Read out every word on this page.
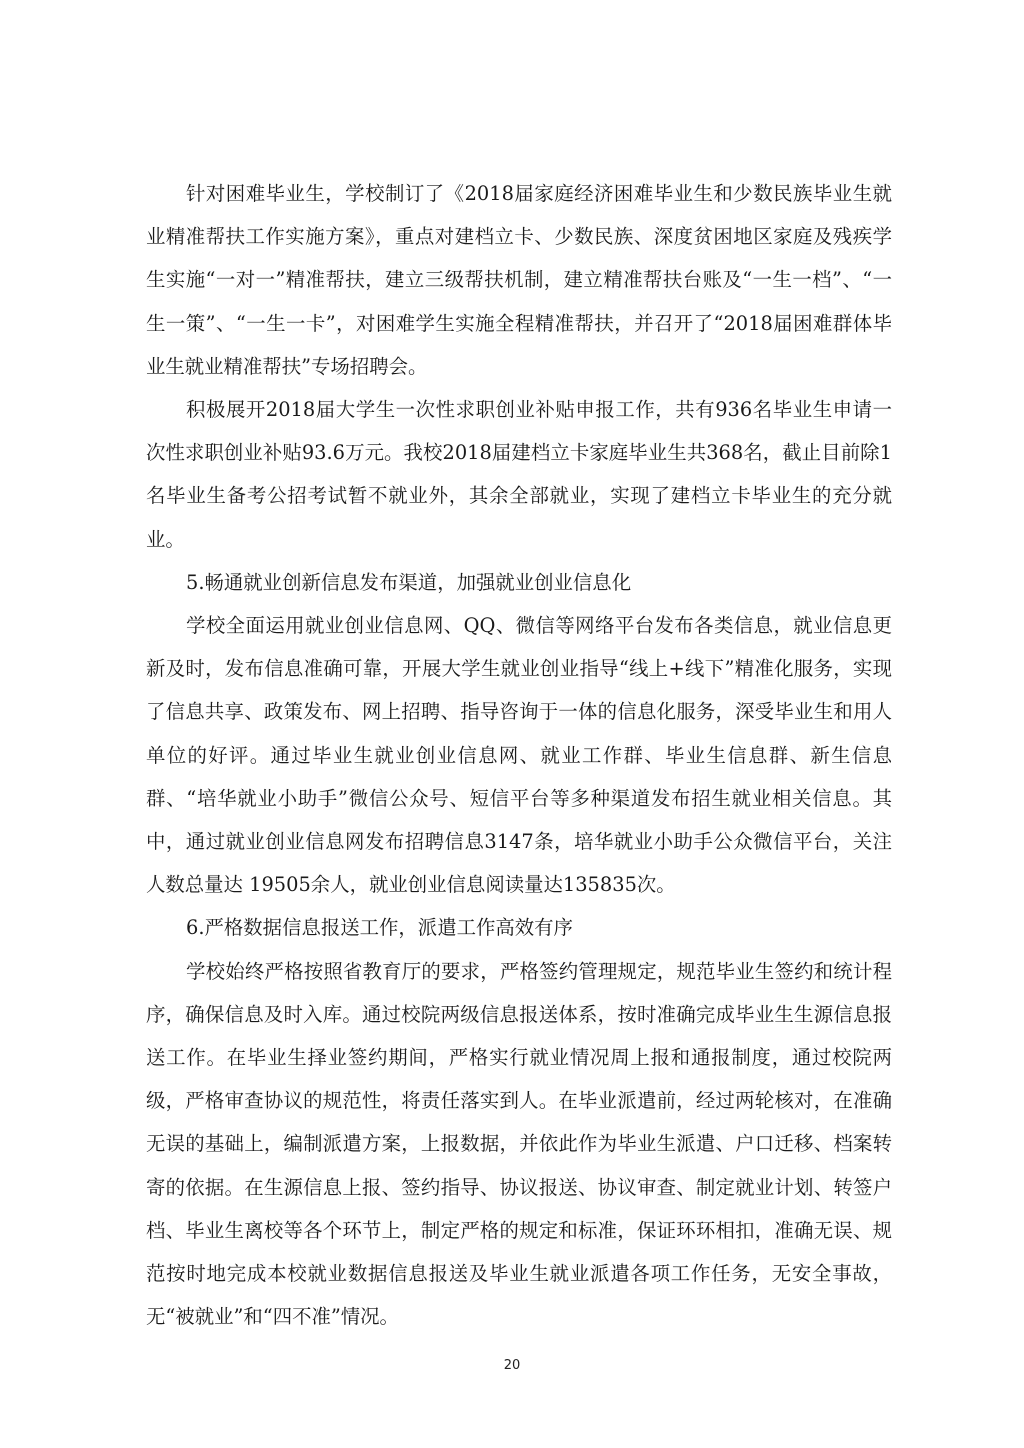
针对困难毕业生，学校制订了《2018届家庭经济困难毕业生和少数民族毕业生就业精准帮扶工作实施方案》，重点对建档立卡、少数民族、深度贫困地区家庭及残疾学生实施“一对一”精准帮扶，建立三级帮扶机制，建立精准帮扶台账及“一生一档”、“一生一策”、“一生一卡”，对困难学生实施全程精准帮扶，并召开了“2018届困难群体毕业生就业精准帮扶”专场招聘会。

积极展开2018届大学生一次性求职创业补贴申报工作，共有936名毕业生申请一次性求职创业补贴93.6万元。我校2018届建档立卡家庭毕业生共368名，截止目前除1名毕业生备考公招考试暂不就业外，其余全部就业，实现了建档立卡毕业生的充分就业。

5.畅通就业创新信息发布渠道，加强就业创业信息化

学校全面运用就业创业信息网、QQ、微信等网络平台发布各类信息，就业信息更新及时，发布信息准确可靠，开展大学生就业创业指导“线上+线下”精准化服务，实现了信息共享、政策发布、网上招聘、指导咨询于一体的信息化服务，深受毕业生和用人单位的好评。通过毕业生就业创业信息网、就业工作群、毕业生信息群、新生信息群、“培华就业小助手”微信公众号、短信平台等多种渠道发布招生就业相关信息。其中，通过就业创业信息网发布招聘信息3147条，培华就业小助手公众微信平台，关注人数总量达 19505余人，就业创业信息阅读量达135835次。

6.严格数据信息报送工作，派遣工作高效有序

学校始终严格按照省教育厅的要求，严格签约管理规定，规范毕业生签约和统计程序，确保信息及时入库。通过校院两级信息报送体系，按时准确完成毕业生生源信息报送工作。在毕业生择业签约期间，严格实行就业情况周上报和通报制度，通过校院两级，严格审查协议的规范性，将责任落实到人。在毕业派遣前，经过两轮核对，在准确无误的基础上，编制派遣方案，上报数据，并依此作为毕业生派遣、户口迁移、档案转寄的依据。在生源信息上报、签约指导、协议报送、协议审查、制定就业计划、转签户档、毕业生离校等各个环节上，制定严格的规定和标准，保证环环相扣，准确无误、规范按时地完成本校就业数据信息报送及毕业生就业派遣各项工作任务，无安全事故，无“被就业”和“四不准”情况。

20
